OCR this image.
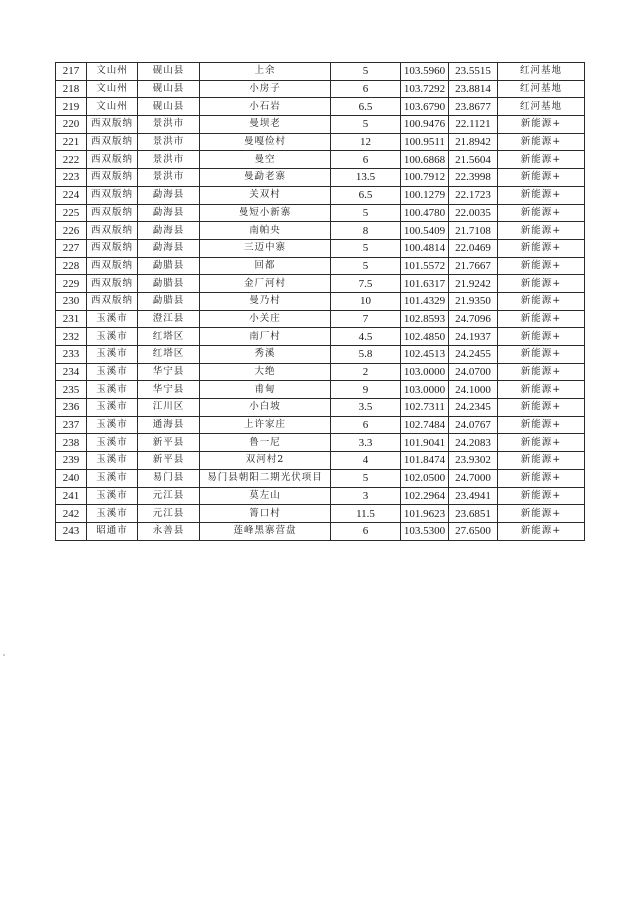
217	文山州	砚山县	上余	5	103.5960	23.5515	红河基地
218	文山州	砚山县	小房子	6	103.7292	23.8814	红河基地
219	文山州	砚山县	小石岩	6.5	103.6790	23.8677	红河基地
220	西双版纳	景洪市	曼坝老	5	100.9476	22.1121	新能源+
221	西双版纳	景洪市	曼嘎俭村	12	100.9511	21.8942	新能源+
222	西双版纳	景洪市	曼空	6	100.6868	21.5604	新能源+
223	西双版纳	景洪市	曼勐老寨	13.5	100.7912	22.3998	新能源+
224	西双版纳	勐海县	关双村	6.5	100.1279	22.1723	新能源+
225	西双版纳	勐海县	曼短小新寨	5	100.4780	22.0035	新能源+
226	西双版纳	勐海县	南帕央	8	100.5409	21.7108	新能源+
227	西双版纳	勐海县	三迈中寨	5	100.4814	22.0469	新能源+
228	西双版纳	勐腊县	回都	5	101.5572	21.7667	新能源+
229	西双版纳	勐腊县	金厂河村	7.5	101.6317	21.9242	新能源+
230	西双版纳	勐腊县	曼乃村	10	101.4329	21.9350	新能源+
231	玉溪市	澄江县	小关庄	7	102.8593	24.7096	新能源+
232	玉溪市	红塔区	南厂村	4.5	102.4850	24.1937	新能源+
233	玉溪市	红塔区	秀溪	5.8	102.4513	24.2455	新能源+
234	玉溪市	华宁县	大绝	2	103.0000	24.0700	新能源+
235	玉溪市	华宁县	甫甸	9	103.0000	24.1000	新能源+
236	玉溪市	江川区	小白坡	3.5	102.7311	24.2345	新能源+
237	玉溪市	通海县	上许家庄	6	102.7484	24.0767	新能源+
238	玉溪市	新平县	鲁一尼	3.3	101.9041	24.2083	新能源+
239	玉溪市	新平县	双河村2	4	101.8474	23.9302	新能源+
240	玉溪市	易门县	易门县朝阳二期光伏项目	5	102.0500	24.7000	新能源+
241	玉溪市	元江县	莫左山	3	102.2964	23.4941	新能源+
242	玉溪市	元江县	箐口村	11.5	101.9623	23.6851	新能源+
243	昭通市	永善县	莲峰黑寨营盘	6	103.5300	27.6500	新能源+
